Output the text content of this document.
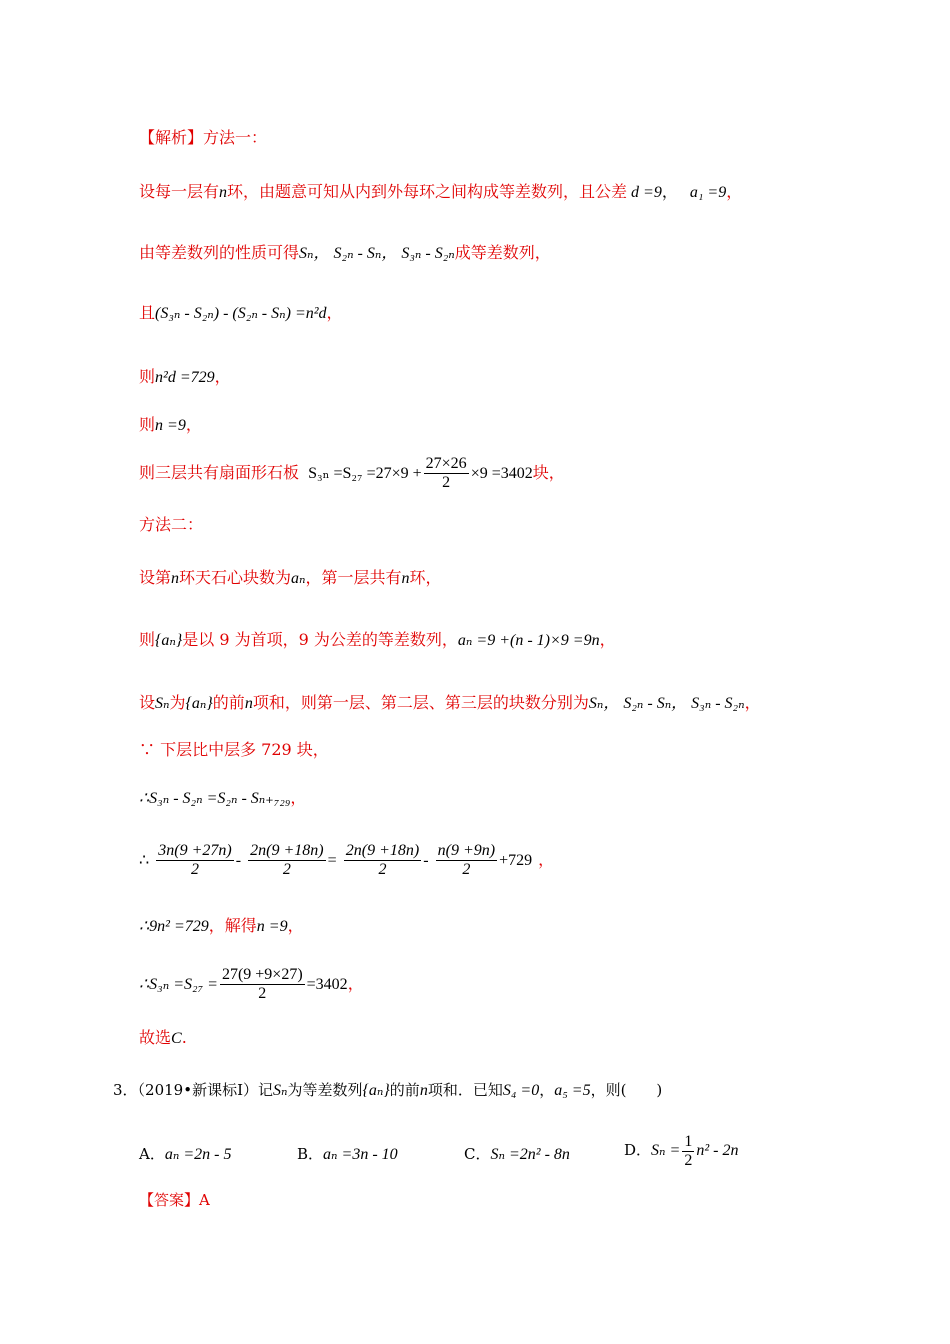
【解析】方法一：
设每一层有n环，由题意可知从内到外每环之间构成等差数列，且公差 d =9， a₁ =9，
由等差数列的性质可得Sₙ， S₂ₙ - Sₙ， S₃ₙ - S₂ₙ成等差数列，
且(S₃ₙ - S₂ₙ) - (S₂ₙ - Sₙ) =n²d，
则n²d =729，
则n =9，
则三层共有扇面形石板 $S_{3n} =S_{27} =27\times 9 + \frac{27\times 26}{2} \times 9 =3402$块，
方法二：
设第n环天石心块数为aₙ，第一层共有n环，
则{aₙ}是以 9 为首项，9 为公差的等差数列，aₙ =9 +(n - 1)×9 =9n，
设Sₙ为{aₙ}的前n项和，则第一层、第二层、第三层的块数分别为Sₙ， S₂ₙ - Sₙ， S₃ₙ - S₂ₙ，
∵ 下层比中层多 729 块，
∴S₃ₙ - S₂ₙ =S₂ₙ - Sₙ₊₇₂₉，
∴ $\frac{3n(9 +27n)}{2} - \frac{2n(9 +18n)}{2} = \frac{2n(9 +18n)}{2} - \frac{n(9 +9n)}{2} +729$ ，
∴9n² =729，解得n =9，
∴S₃ₙ $=S_{27} = \frac{27(9 +9\times 27)}{2} =3402$，
故选C.
3．（2019•新课标Ⅰ）记Sₙ为等差数列{aₙ}的前n项和．已知S₄ =0，a₅ =5，则(　　)
A．aₙ =2n - 5	B．aₙ =3n - 10	C．Sₙ =2n² - 8n	D．$S_n = \frac{1}{2} n^2 - 2n$
【答案】A
